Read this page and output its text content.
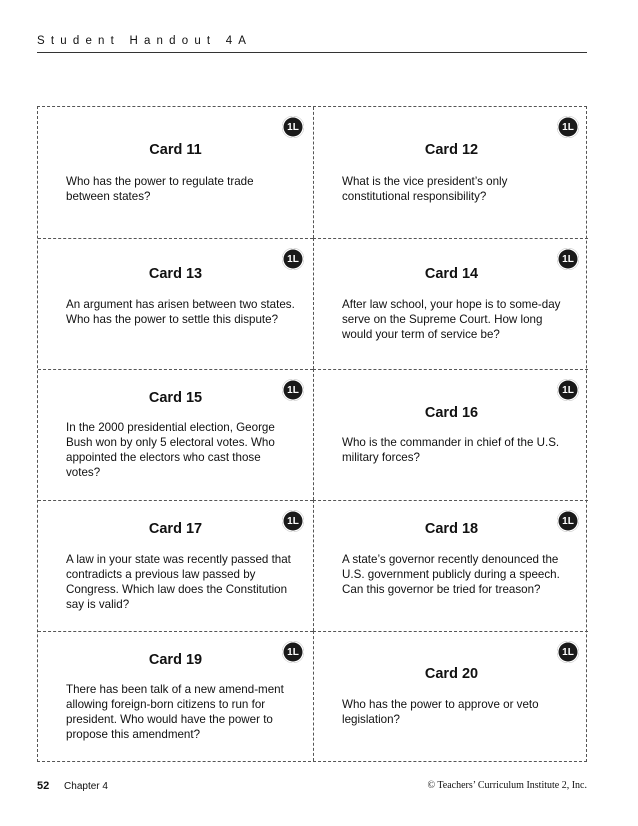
Student Handout 4A
1L
Card 11

Who has the power to regulate trade between states?

1L
Card 12

What is the vice president’s only constitutional responsibility?

1L
Card 13

An argument has arisen between two states. Who has the power to settle this dispute?

1L
Card 14

After law school, your hope is to some-day serve on the Supreme Court. How long would your term of service be?

1L
Card 15

In the 2000 presidential election, George Bush won by only 5 electoral votes. Who appointed the electors who cast those votes?

1L
Card 16

Who is the commander in chief of the U.S. military forces?

1L
Card 17

A law in your state was recently passed that contradicts a previous law passed by Congress. Which law does the Constitution say is valid?

1L
Card 18

A state’s governor recently denounced the U.S. government publicly during a speech. Can this governor be tried for treason?

1L
Card 19

There has been talk of a new amend-ment allowing foreign-born citizens to run for president. Who would have the power to propose this amendment?

1L
Card 20

Who has the power to approve or veto legislation?

52 Chapter 4	© Teachers’ Curriculum Institute 2, Inc.
